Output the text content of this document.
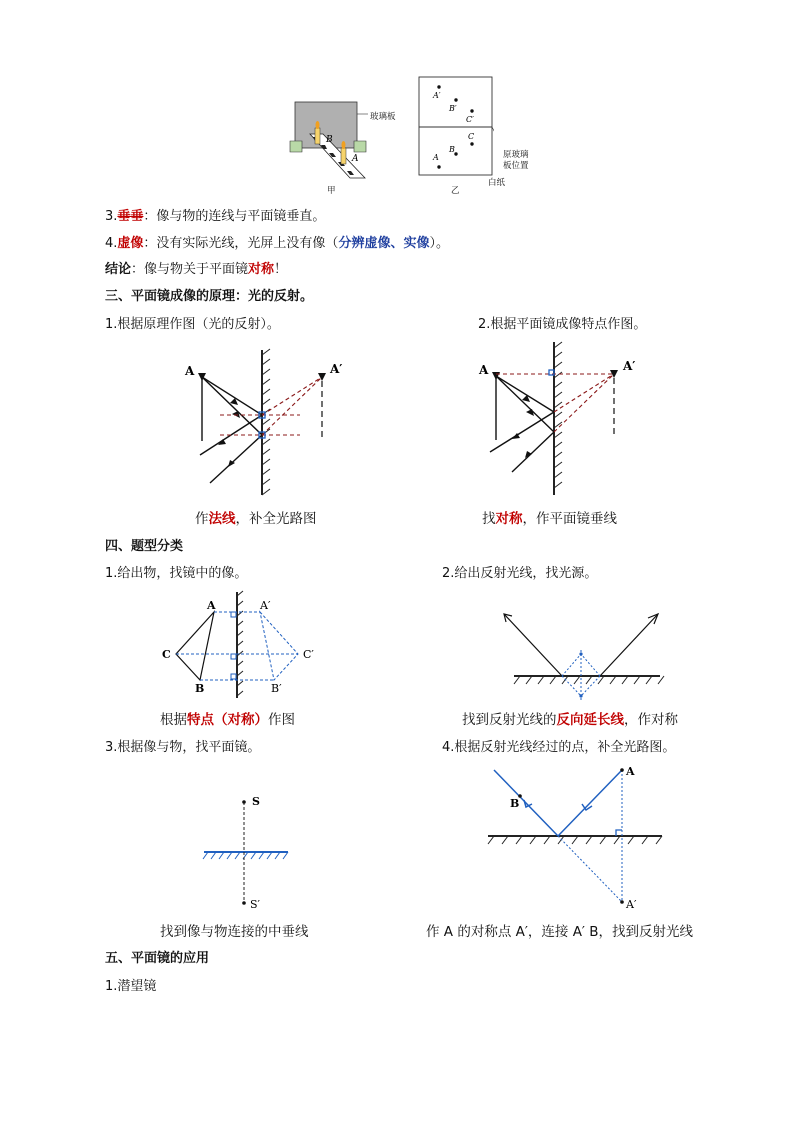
B
A
玻璃板
甲
A′
B′
C′
C
B
A	原玻璃
板位置
白纸
乙
3.垂垂：像与物的连线与平面镜垂直。
4.虚像：没有实际光线，光屏上没有像（分辨虚像、实像）。
结论：像与物关于平面镜对称！
三、平面镜成像的原理：光的反射。
1.根据原理作图（光的反射）。	2.根据平面镜成像特点作图。
A	A′
作法线，补全光路图
A	A′
找对称，作平面镜垂线
四、题型分类
1.给出物，找镜中的像。	2.给出反射光线，找光源。
A
C
B
A′
C′
B′
根据特点（对称）作图	找到反射光线的反向延长线，作对称
3.根据像与物，找平面镜。	4.根据反射光线经过的点，补全光路图。
S
S′
找到像与物连接的中垂线
A
B
A′
作 A 的对称点 A′，连接 A′ B，找到反射光线
五、平面镜的应用
1.潜望镜
